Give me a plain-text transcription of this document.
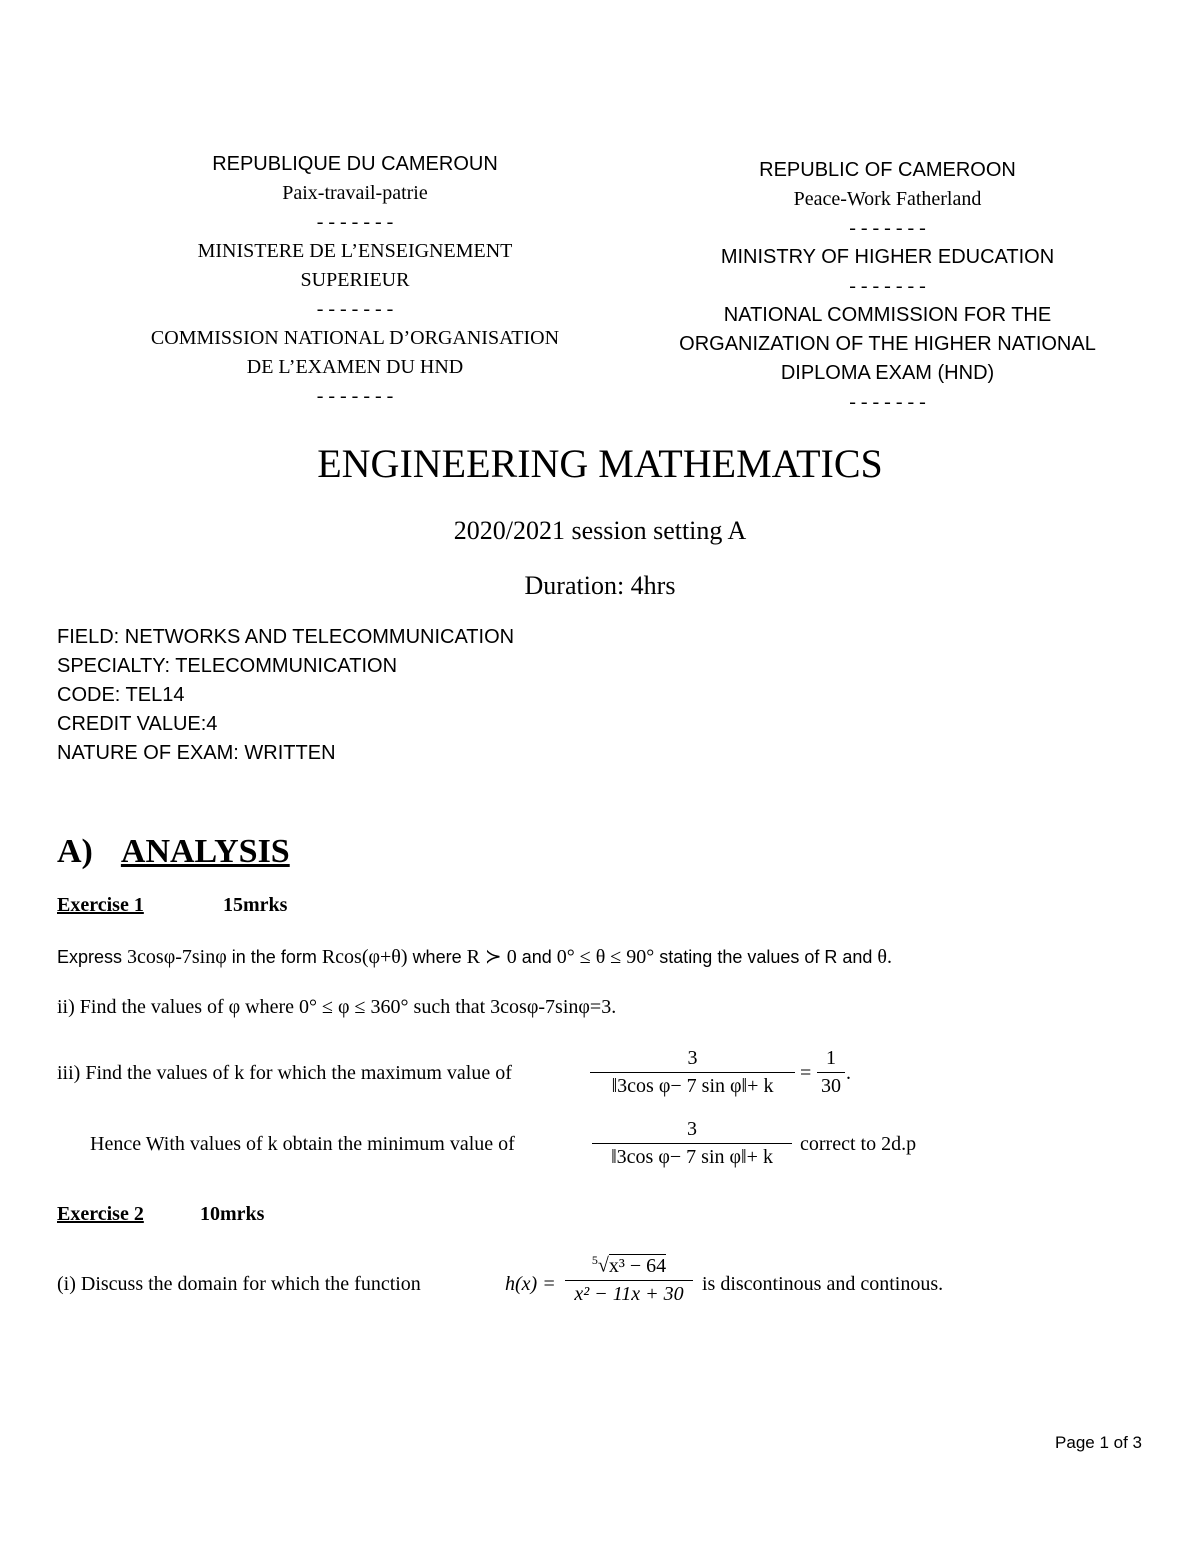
REPUBLIQUE DU CAMEROUN
Paix-travail-patrie
- - - - - - -
MINISTERE DE L’ENSEIGNEMENT
SUPERIEUR
- - - - - - -
COMMISSION NATIONAL D’ORGANISATION
DE L’EXAMEN DU HND
- - - - - - -
REPUBLIC OF CAMEROON
Peace-Work Fatherland
- - - - - - -
MINISTRY OF HIGHER EDUCATION
- - - - - - -
NATIONAL COMMISSION FOR THE
ORGANIZATION OF THE HIGHER NATIONAL
DIPLOMA EXAM (HND)
- - - - - - -
ENGINEERING MATHEMATICS
2020/2021 session setting A
Duration: 4hrs
FIELD: NETWORKS AND TELECOMMUNICATION
SPECIALTY: TELECOMMUNICATION
CODE: TEL14
CREDIT VALUE:4
NATURE OF EXAM: WRITTEN
A) ANALYSIS
Exercise 1	15mrks
Express 3cosφ-7sinφ in the form Rcos(φ+θ) where R ≻ 0 and 0° ≤ θ ≤ 90° stating the values of R and θ.
ii) Find the values of φ where 0° ≤ φ ≤ 360° such that 3cosφ-7sinφ=3.
iii) Find the values of k for which the maximum value of	$\frac{3}{\text{‖3cos φ− 7 sin φ‖+ k}} = \frac{1}{30}$ .
Hence With values of k obtain the minimum value of	$\frac{3}{\text{‖3cos φ− 7 sin φ‖+ k}}$ correct to 2d.p
Exercise 2	10mrks
(i) Discuss the domain for which the function	$h(x) = \frac{^5√x^3 - 64}{\text{x² − 11x + 30}}$ is discontinous and continous.
Page 1 of 3
